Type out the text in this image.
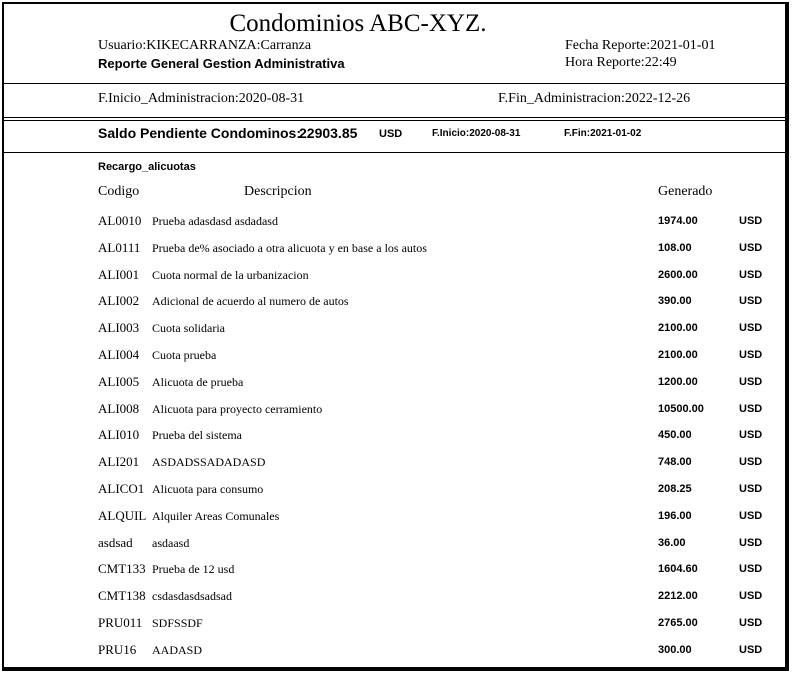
Condominios ABC-XYZ.
Usuario:KIKECARRANZA:Carranza
Reporte General Gestion Administrativa
Fecha Reporte:2021-01-01
Hora Reporte:22:49
F.Inicio_Administracion:2020-08-31	F.Fin_Administracion:2022-12-26
Saldo Pendiente Condominos:
22903.85 USD	F.Inicio:2020-08-31	F.Fin:2021-01-02
Recargo_alicuotas
Codigo	Descripcion	Generado
AL0010 Prueba adasdasd asdadasd	1974.00	USD
AL0111 Prueba de% asociado a otra alicuota y en base a los autos	108.00	USD
ALI001 Cuota normal de la urbanizacion	2600.00	USD
ALI002 Adicional de acuerdo al numero de autos	390.00	USD
ALI003 Cuota solidaria	2100.00	USD
ALI004 Cuota prueba	2100.00	USD
ALI005 Alicuota de prueba	1200.00	USD
ALI008 Alicuota para proyecto cerramiento	10500.00	USD
ALI010 Prueba del sistema	450.00	USD
ALI201 ASDADSSADADASD	748.00	USD
ALICO1 Alicuota para consumo	208.25	USD
ALQUIL Alquiler Areas Comunales	196.00	USD
asdsad asdaasd	36.00	USD
CMT133 Prueba de 12 usd	1604.60	USD
CMT138 csdasdasdsadsad	2212.00	USD
PRU011 SDFSSDF	2765.00	USD
PRU16 AADASD	300.00	USD
